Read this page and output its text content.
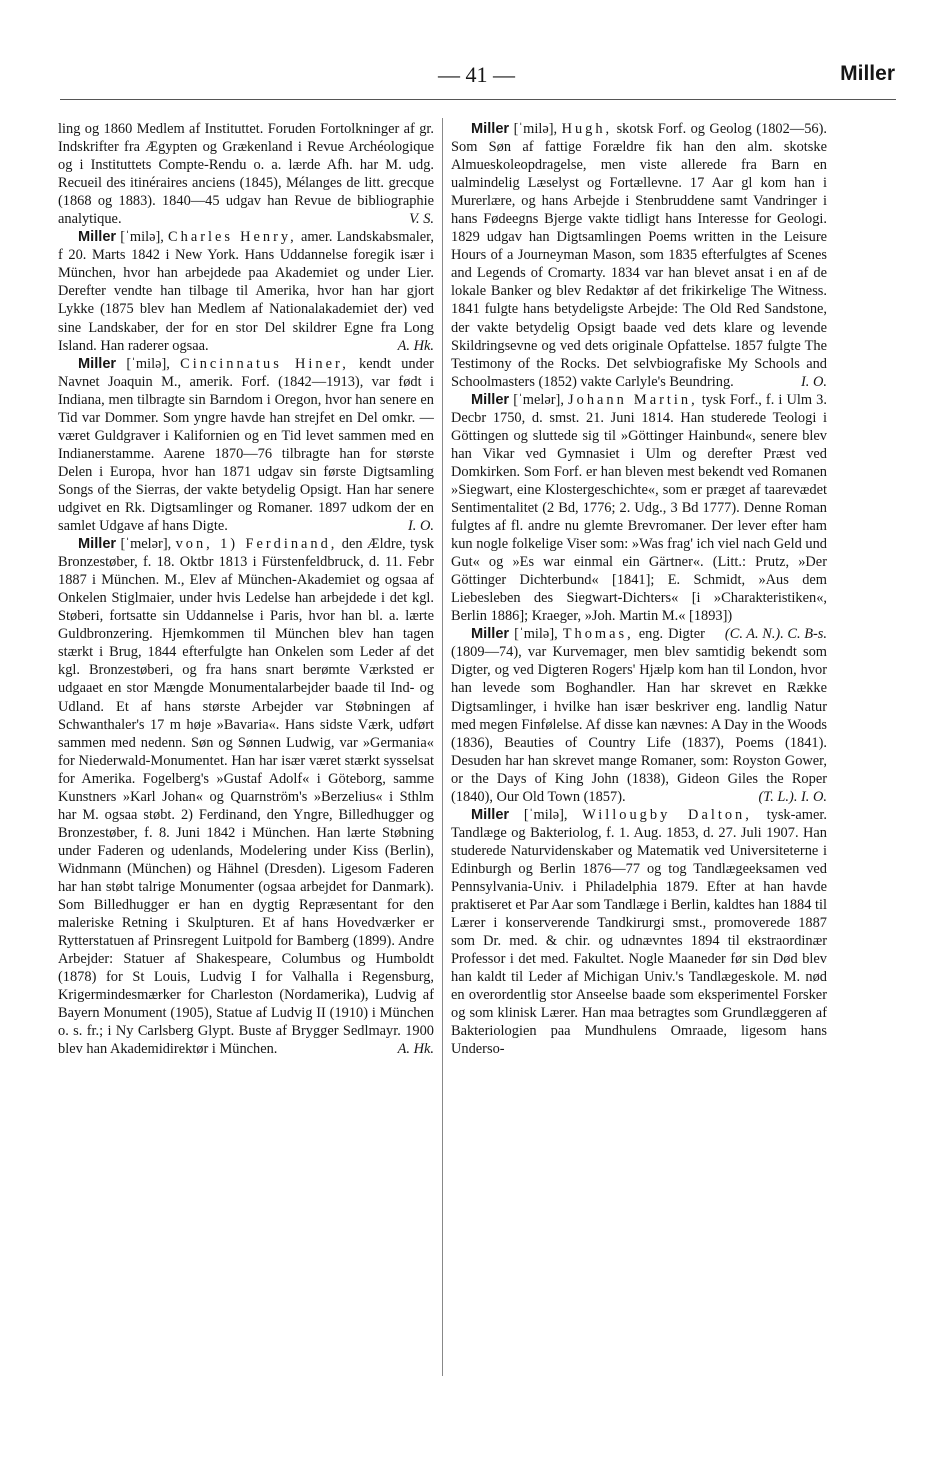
— 41 —	Miller

ling og 1860 Medlem af Instituttet. Foruden Fortolkninger af gr. Indskrifter fra Ægypten og Grækenland i Revue Archéologique og i Instituttets Compte-Rendu o. a. lærde Afh. har M. udg. Recueil des itinéraires anciens (1845), Mélanges de litt. grecque (1868 og 1883). 1840—45 udgav han Revue de bibliographie analytique.	V. S.

Miller [ˈmilə], Charles Henry, amer. Landskabsmaler, f 20. Marts 1842 i New York. Hans Uddannelse foregik især i München, hvor han arbejdede paa Akademiet og under Lier. Derefter vendte han tilbage til Amerika, hvor han har gjort Lykke (1875 blev han Medlem af Nationalakademiet der) ved sine Landskaber, der for en stor Del skildrer Egne fra Long Island. Han raderer ogsaa.	A. Hk.

Miller [ˈmilə], Cincinnatus Hiner, kendt under Navnet Joaquin M., amerik. Forf. (1842—1913), var født i Indiana, men tilbragte sin Barndom i Oregon, hvor han senere en Tid var Dommer. Som yngre havde han strejfet en Del omkr. — været Guldgraver i Kalifornien og en Tid levet sammen med en Indianerstamme. Aarene 1870—76 tilbragte han for største Delen i Europa, hvor han 1871 udgav sin første Digtsamling Songs of the Sierras, der vakte betydelig Opsigt. Han har senere udgivet en Rk. Digtsamlinger og Romaner. 1897 udkom der en samlet Udgave af hans Digte.	I. O.

Miller [ˈmelər], von, 1) Ferdinand, den Ældre, tysk Bronzestøber, f. 18. Oktbr 1813 i Fürstenfeldbruck, d. 11. Febr 1887 i München. M., Elev af München-Akademiet og ogsaa af Onkelen Stiglmaier, under hvis Ledelse han arbejdede i det kgl. Støberi, fortsatte sin Uddannelse i Paris, hvor han bl. a. lærte Guldbronzering. Hjemkommen til München blev han tagen stærkt i Brug, 1844 efterfulgte han Onkelen som Leder af det kgl. Bronzestøberi, og fra hans snart berømte Værksted er udgaaet en stor Mængde Monumentalarbejder baade til Ind- og Udland. Et af hans største Arbejder var Støbningen af Schwanthaler's 17 m høje »Bavaria«. Hans sidste Værk, udført sammen med nedenn. Søn og Sønnen Ludwig, var »Germania« for Niederwald-Monumentet. Han har især været stærkt sysselsat for Amerika. Fogelberg's »Gustaf Adolf« i Göteborg, samme Kunstners »Karl Johan« og Quarnström's »Berzelius« i Sthlm har M. ogsaa støbt. 2) Ferdinand, den Yngre, Billedhugger og Bronzestøber, f. 8. Juni 1842 i München. Han lærte Støbning under Faderen og udenlands, Modelering under Kiss (Berlin), Widnmann (München) og Hähnel (Dresden). Ligesom Faderen har han støbt talrige Monumenter (ogsaa arbejdet for Danmark). Som Billedhugger er han en dygtig Repræsentant for den maleriske Retning i Skulpturen. Et af hans Hovedværker er Rytterstatuen af Prinsregent Luitpold for Bamberg (1899). Andre Arbejder: Statuer af Shakespeare, Columbus og Humboldt (1878) for St Louis, Ludvig I for Valhalla i Regensburg, Krigermindesmærker for Charleston (Nordamerika), Ludvig af Bayern Monument (1905), Statue af Ludvig II (1910) i München o. s. fr.; i Ny Carlsberg Glypt. Buste af Brygger Sedlmayr. 1900 blev han Akademidirektør i München.	A. Hk.

Miller [ˈmilə], Hugh, skotsk Forf. og Geolog (1802—56). Som Søn af fattige Forældre fik han den alm. skotske Almueskoleopdragelse, men viste allerede fra Barn en ualmindelig Læselyst og Fortællevne. 17 Aar gl kom han i Murerlære, og hans Arbejde i Stenbruddene samt Vandringer i hans Fødeegns Bjerge vakte tidligt hans Interesse for Geologi. 1829 udgav han Digtsamlingen Poems written in the Leisure Hours of a Journeyman Mason, som 1835 efterfulgtes af Scenes and Legends of Cromarty. 1834 var han blevet ansat i en af de lokale Banker og blev Redaktør af det frikirkelige The Witness. 1841 fulgte hans betydeligste Arbejde: The Old Red Sandstone, der vakte betydelig Opsigt baade ved dets klare og levende Skildringsevne og ved dets originale Opfattelse. 1857 fulgte The Testimony of the Rocks. Det selvbiografiske My Schools and Schoolmasters (1852) vakte Carlyle's Beundring.	I. O.

Miller [ˈmelər], Johann Martin, tysk Forf., f. i Ulm 3. Decbr 1750, d. smst. 21. Juni 1814. Han studerede Teologi i Göttingen og sluttede sig til »Göttinger Hainbund«, senere blev han Vikar ved Gymnasiet i Ulm og derefter Præst ved Domkirken. Som Forf. er han bleven mest bekendt ved Romanen »Siegwart, eine Klostergeschichte«, som er præget af taarevædet Sentimentalitet (2 Bd, 1776; 2. Udg., 3 Bd 1777). Denne Roman fulgtes af fl. andre nu glemte Brevromaner. Der lever efter ham kun nogle folkelige Viser som: »Was frag' ich viel nach Geld und Gut« og »Es war einmal ein Gärtner«. (Litt.: Prutz, »Der Göttinger Dichterbund« [1841]; E. Schmidt, »Aus dem Liebesleben des Siegwart-Dichters« [i »Charakteristiken«, Berlin 1886]; Kraeger, »Joh. Martin M.« [1893])
(C. A. N.). C. B-s.

Miller [ˈmilə], Thomas, eng. Digter (1809—74), var Kurvemager, men blev samtidig bekendt som Digter, og ved Digteren Rogers' Hjælp kom han til London, hvor han levede som Boghandler. Han har skrevet en Række Digtsamlinger, i hvilke han især beskriver eng. landlig Natur med megen Finfølelse. Af disse kan nævnes: A Day in the Woods (1836), Beauties of Country Life (1837), Poems (1841). Desuden har han skrevet mange Romaner, som: Royston Gower, or the Days of King John (1838), Gideon Giles the Roper (1840), Our Old Town (1857).	(T. L.). I. O.

Miller [ˈmilə], Willougby Dalton, tysk-amer. Tandlæge og Bakteriolog, f. 1. Aug. 1853, d. 27. Juli 1907. Han studerede Naturvidenskaber og Matematik ved Universiteterne i Edinburgh og Berlin 1876—77 og tog Tandlægeeksamen ved Pennsylvania-Univ. i Philadelphia 1879. Efter at han havde praktiseret et Par Aar som Tandlæge i Berlin, kaldtes han 1884 til Lærer i konserverende Tandkirurgi smst., promoverede 1887 som Dr. med. & chir. og udnævntes 1894 til ekstraordinær Professor i det med. Fakultet. Nogle Maaneder før sin Død blev han kaldt til Leder af Michigan Univ.'s Tandlægeskole. M. nød en overordentlig stor Anseelse baade som eksperimentel Forsker og som klinisk Lærer. Han maa betragtes som Grundlæggeren af Bakteriologien paa Mundhulens Omraade, ligesom hans Underso-
